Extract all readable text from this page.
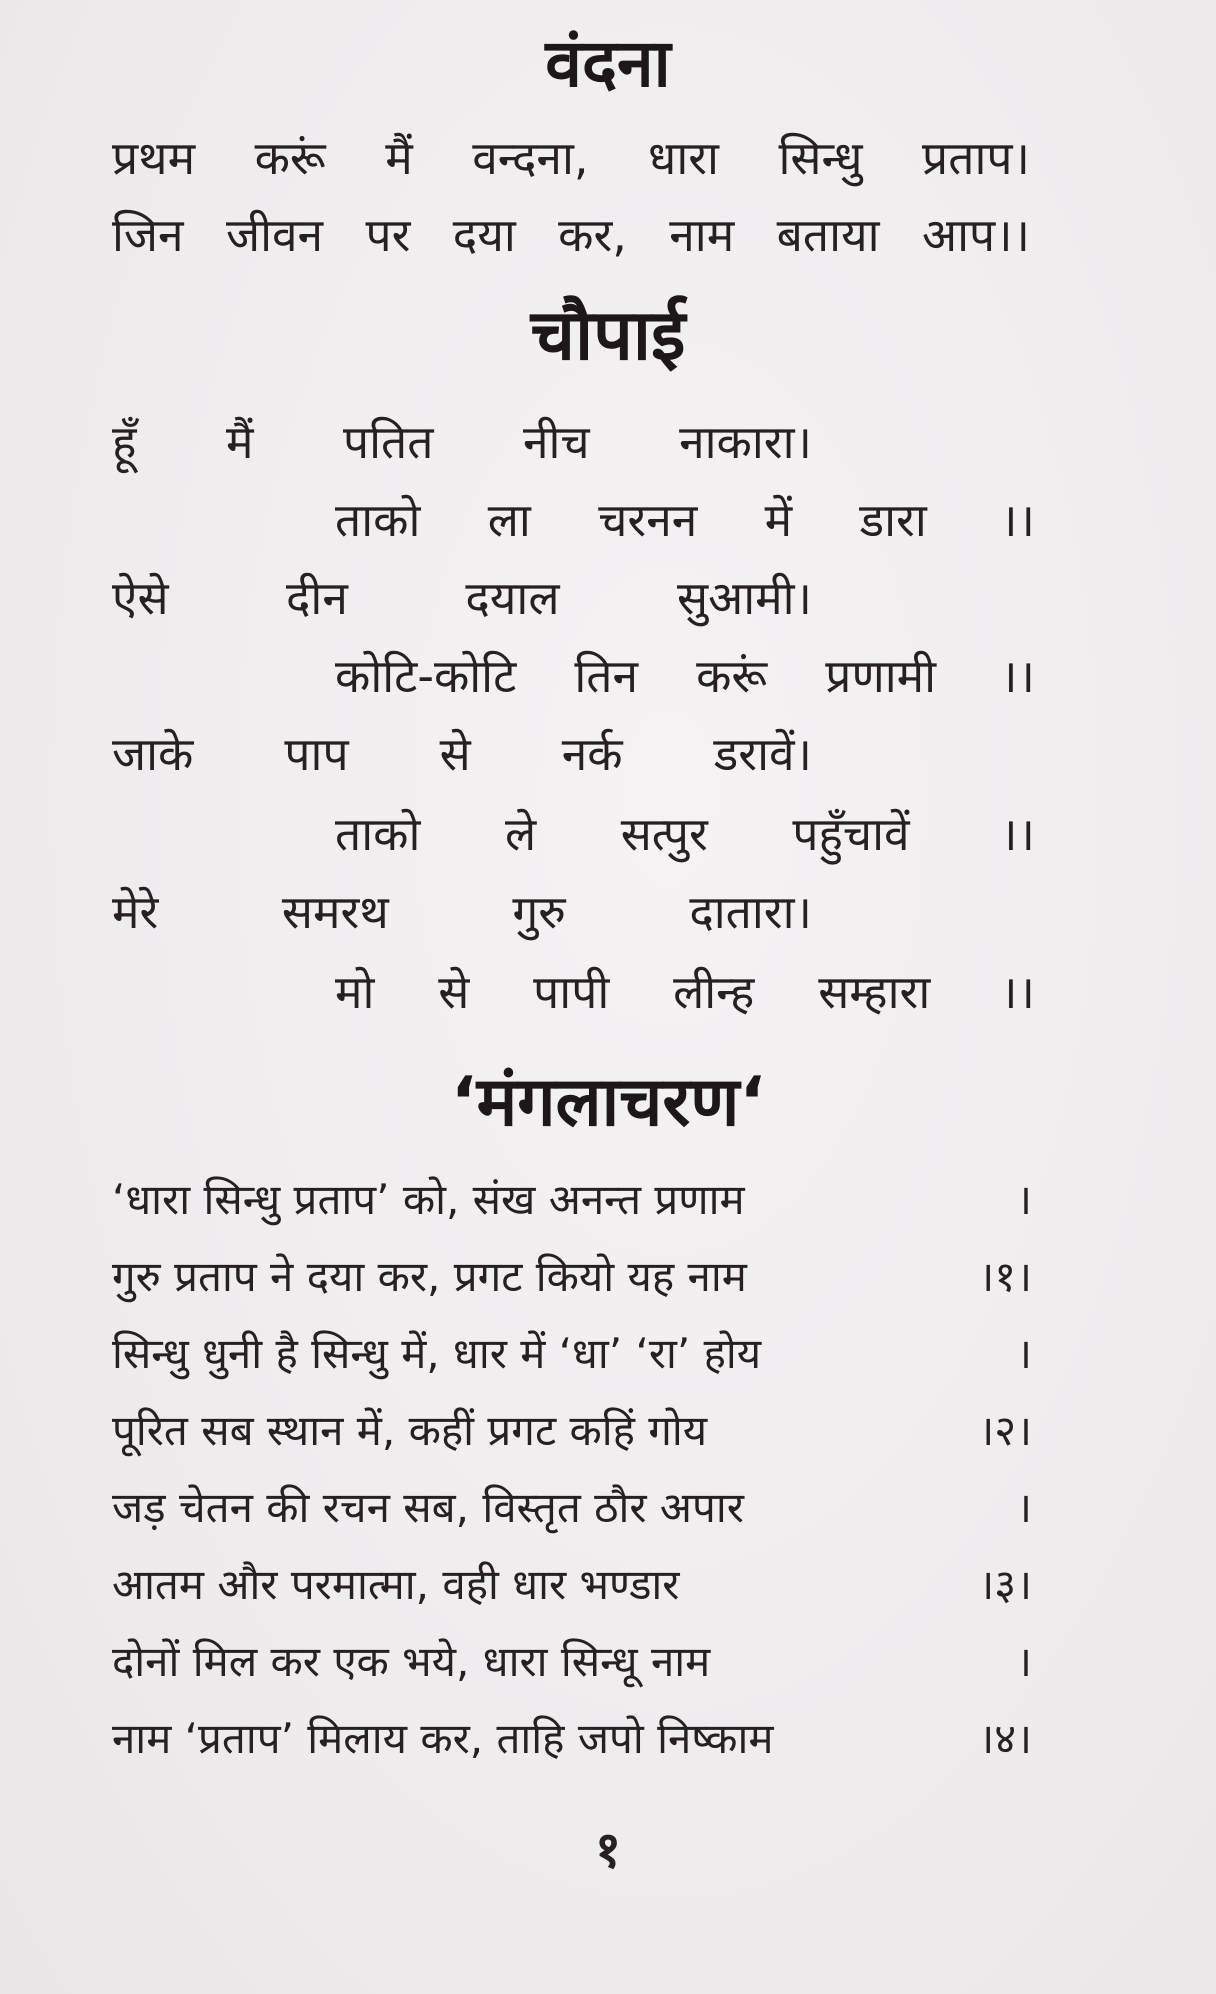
वंदना
प्रथम करूं मैं वन्दना, धारा सिन्धु प्रताप।
जिन जीवन पर दया कर, नाम बताया आप।।
चौपाई
हूँ मैं पतित नीच नाकारा।
ताको ला चरनन में डारा ।।
ऐसे	दीन	दयाल	सुआमी।
कोटि-कोटि तिन करूं प्रणामी ।।
जाके पाप से नर्क डरावें।
ताको ले सत्पुर पहुँचावें ।।
मेरे	समरथ	गुरु	दातारा।
मो से पापी लीन्ह सम्हारा ।।
‘मंगलाचरण‘
‘धारा सिन्धु प्रताप’ को, संख अनन्त प्रणाम	।
गुरु प्रताप ने दया कर, प्रगट कियो यह नाम	।१।
सिन्धु धुनी है सिन्धु में, धार में ‘धा’ ‘रा’ होय	।
पूरित सब स्थान में, कहीं प्रगट कहिं गोय	।२।
जड़ चेतन की रचन सब, विस्तृत ठौर अपार	।
आतम और परमात्मा, वही धार भण्डार	।३।
दोनों मिल कर एक भये, धारा सिन्धू नाम	।
नाम ‘प्रताप’ मिलाय कर, ताहि जपो निष्काम	।४।
१
